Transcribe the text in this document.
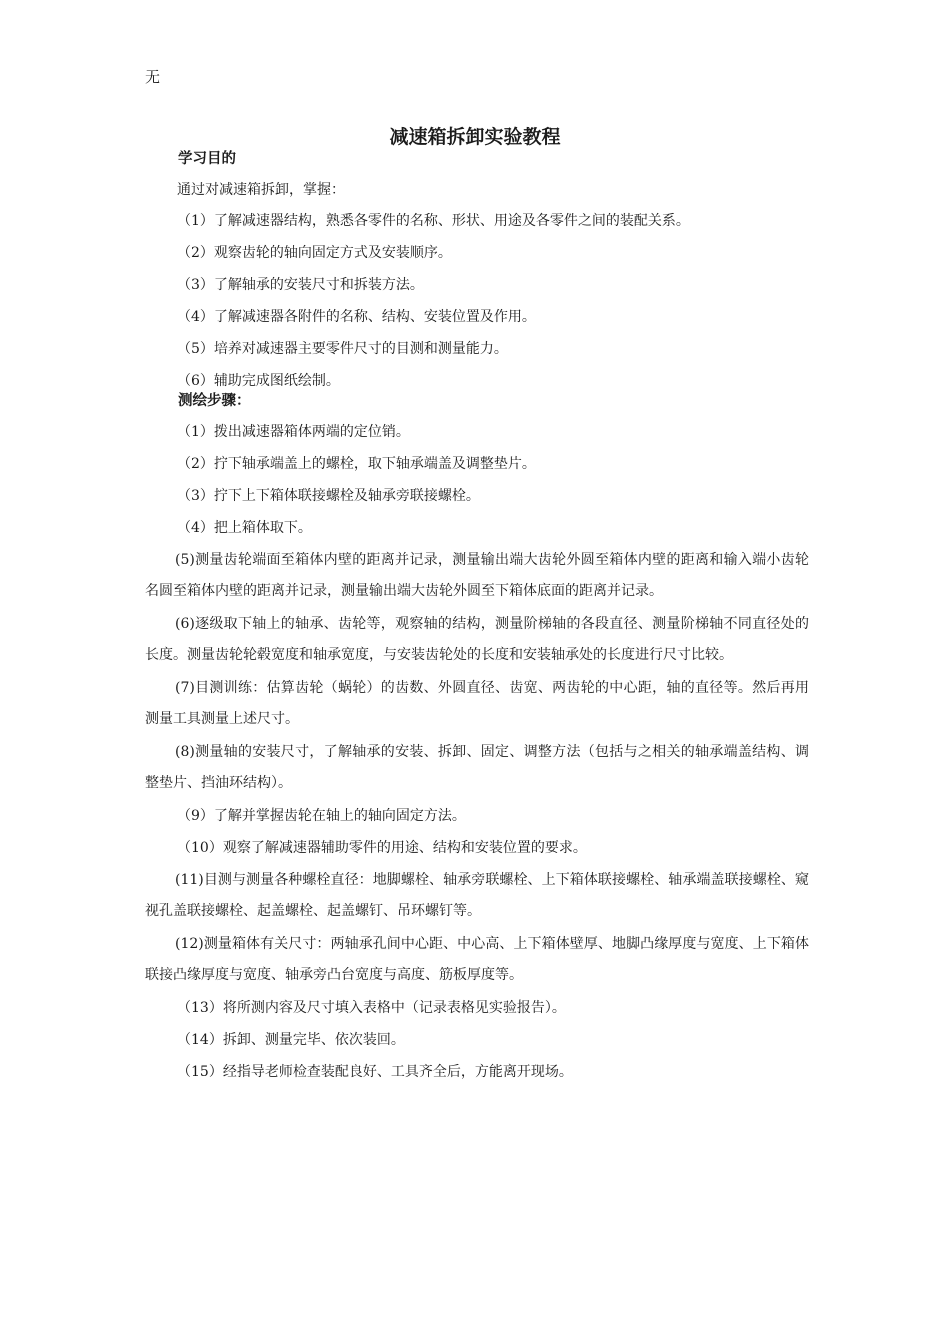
无
减速箱拆卸实验教程
学习目的
通过对减速箱拆卸，掌握：
（1）了解减速器结构，熟悉各零件的名称、形状、用途及各零件之间的装配关系。
（2）观察齿轮的轴向固定方式及安装顺序。
（3）了解轴承的安装尺寸和拆装方法。
（4）了解减速器各附件的名称、结构、安装位置及作用。
（5）培养对减速器主要零件尺寸的目测和测量能力。
（6）辅助完成图纸绘制。
测绘步骤：
（1）拨出减速器箱体两端的定位销。
（2）拧下轴承端盖上的螺栓，取下轴承端盖及调整垫片。
（3）拧下上下箱体联接螺栓及轴承旁联接螺栓。
（4）把上箱体取下。
(5)测量齿轮端面至箱体内壁的距离并记录，测量输出端大齿轮外圆至箱体内壁的距离和输入端小齿轮名圆至箱体内壁的距离并记录，测量输出端大齿轮外圆至下箱体底面的距离并记录。
(6)逐级取下轴上的轴承、齿轮等，观察轴的结构，测量阶梯轴的各段直径、测量阶梯轴不同直径处的长度。测量齿轮轮毂宽度和轴承宽度，与安装齿轮处的长度和安装轴承处的长度进行尺寸比较。
(7)目测训练：估算齿轮（蜗轮）的齿数、外圆直径、齿宽、两齿轮的中心距，轴的直径等。然后再用测量工具测量上述尺寸。
(8)测量轴的安装尺寸，了解轴承的安装、拆卸、固定、调整方法（包括与之相关的轴承端盖结构、调整垫片、挡油环结构）。
（9）了解并掌握齿轮在轴上的轴向固定方法。
（10）观察了解减速器辅助零件的用途、结构和安装位置的要求。
(11)目测与测量各种螺栓直径：地脚螺栓、轴承旁联螺栓、上下箱体联接螺栓、轴承端盖联接螺栓、窥视孔盖联接螺栓、起盖螺栓、起盖螺钉、吊环螺钉等。
(12)测量箱体有关尺寸：两轴承孔间中心距、中心高、上下箱体壁厚、地脚凸缘厚度与宽度、上下箱体联接凸缘厚度与宽度、轴承旁凸台宽度与高度、筋板厚度等。
（13）将所测内容及尺寸填入表格中（记录表格见实验报告）。
（14）拆卸、测量完毕、依次装回。
（15）经指导老师检查装配良好、工具齐全后，方能离开现场。
